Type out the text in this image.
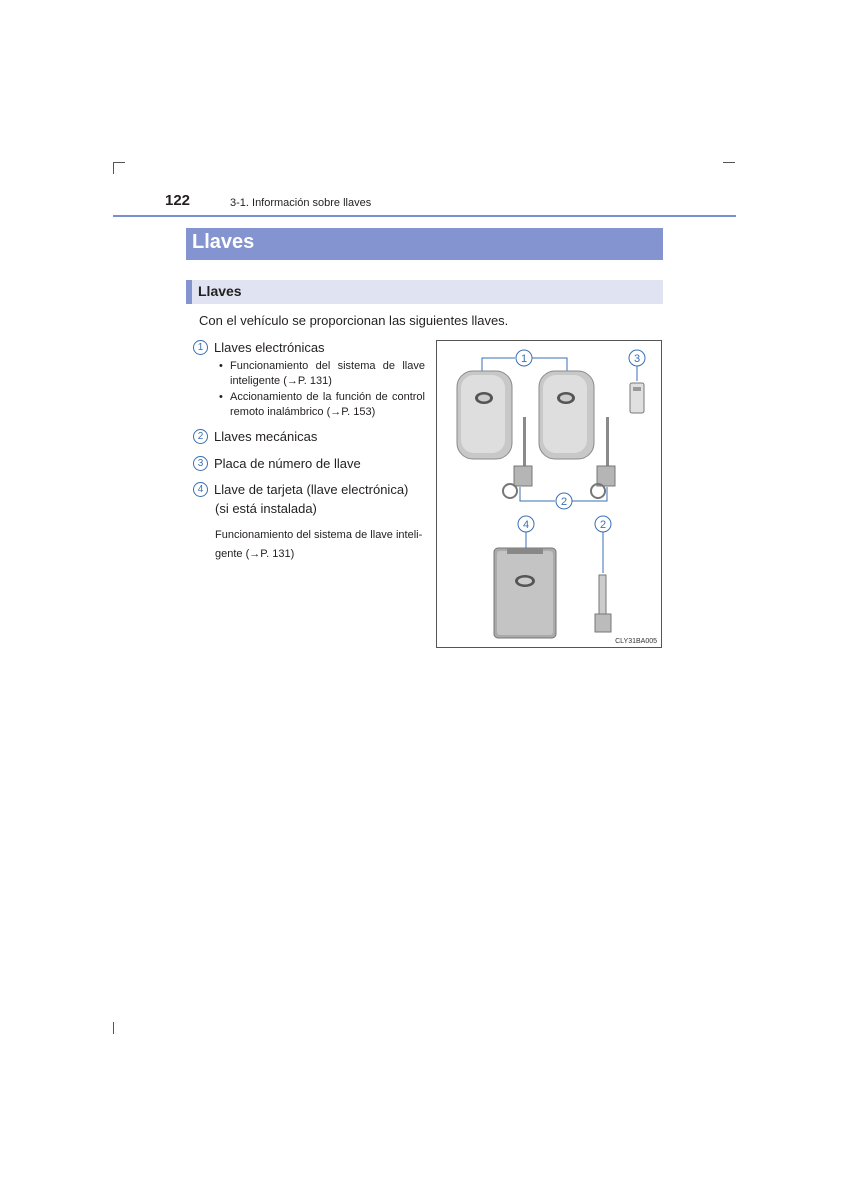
122	3-1. Información sobre llaves
Llaves
Llaves
Con el vehículo se proporcionan las siguientes llaves.
1 Llaves electrónicas
• Funcionamiento del sistema de llave inteligente (→P. 131)
• Accionamiento de la función de control remoto inalámbrico (→P. 153)
2 Llaves mecánicas
3 Placa de número de llave
4 Llave de tarjeta (llave electrónica)
(si está instalada)
Funcionamiento del sistema de llave inteli-
gente (→P. 131)
1	3
2
4	2
CLY31BA005
